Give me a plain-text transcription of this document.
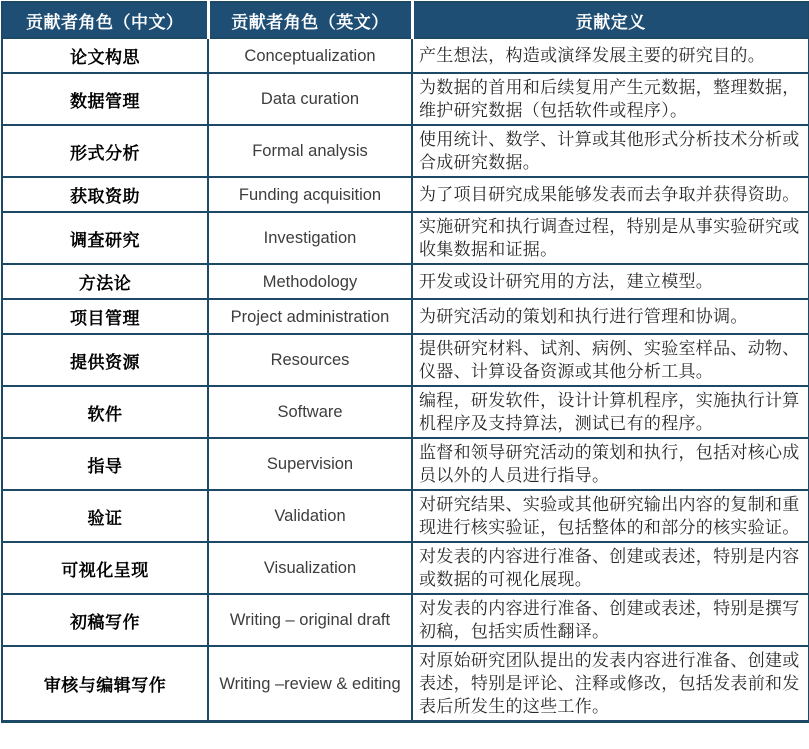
贡献者角色（中文）	贡献者角色（英文）	贡献定义
论文构思	Conceptualization	产生想法，构造或演绎发展主要的研究目的。
数据管理	Data curation	为数据的首用和后续复用产生元数据，整理数据，维护研究数据（包括软件或程序）。
形式分析	Formal analysis	使用统计、数学、计算或其他形式分析技术分析或合成研究数据。
获取资助	Funding acquisition	为了项目研究成果能够发表而去争取并获得资助。
调查研究	Investigation	实施研究和执行调查过程，特别是从事实验研究或收集数据和证据。
方法论	Methodology	开发或设计研究用的方法，建立模型。
项目管理	Project administration	为研究活动的策划和执行进行管理和协调。
提供资源	Resources	提供研究材料、试剂、病例、实验室样品、动物、仪器、计算设备资源或其他分析工具。
软件	Software	编程，研发软件，设计计算机程序，实施执行计算机程序及支持算法，测试已有的程序。
指导	Supervision	监督和领导研究活动的策划和执行，包括对核心成员以外的人员进行指导。
验证	Validation	对研究结果、实验或其他研究输出内容的复制和重现进行核实验证，包括整体的和部分的核实验证。
可视化呈现	Visualization	对发表的内容进行准备、创建或表述，特别是内容或数据的可视化展现。
初稿写作	Writing – original draft	对发表的内容进行准备、创建或表述，特别是撰写初稿，包括实质性翻译。
审核与编辑写作	Writing –review & editing	对原始研究团队提出的发表内容进行准备、创建或表述，特别是评论、注释或修改，包括发表前和发表后所发生的这些工作。
